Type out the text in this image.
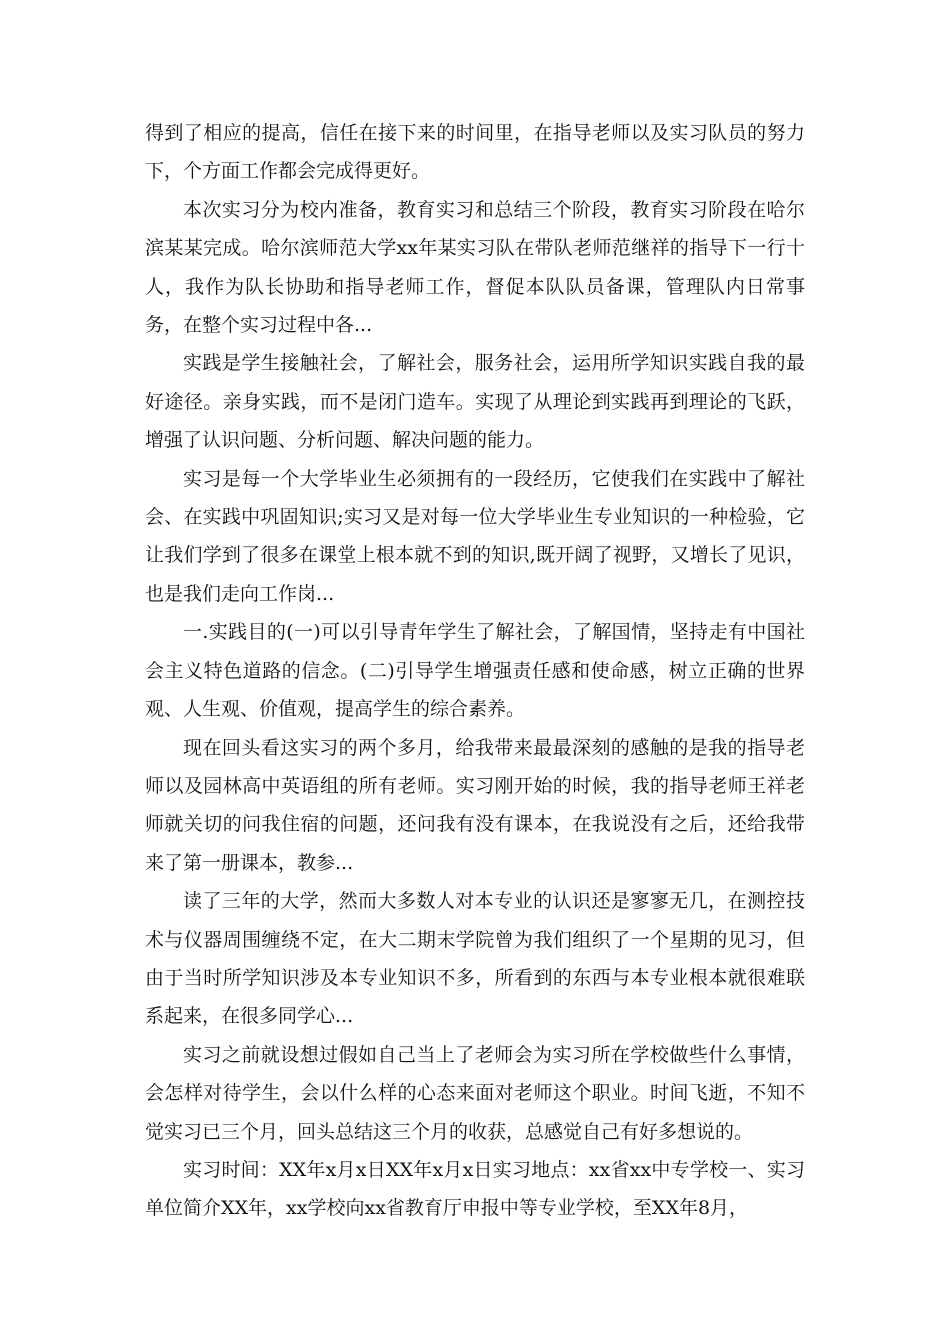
得到了相应的提高，信任在接下来的时间里，在指导老师以及实习队员的努力下，个方面工作都会完成得更好。

本次实习分为校内准备，教育实习和总结三个阶段，教育实习阶段在哈尔滨某某完成。哈尔滨师范大学xx年某实习队在带队老师范继祥的指导下一行十人，我作为队长协助和指导老师工作，督促本队队员备课，管理队内日常事务，在整个实习过程中各...

实践是学生接触社会，了解社会，服务社会，运用所学知识实践自我的最好途径。亲身实践，而不是闭门造车。实现了从理论到实践再到理论的飞跃，增强了认识问题、分析问题、解决问题的能力。

实习是每一个大学毕业生必须拥有的一段经历，它使我们在实践中了解社会、在实践中巩固知识;实习又是对每一位大学毕业生专业知识的一种检验，它让我们学到了很多在课堂上根本就不到的知识,既开阔了视野，又增长了见识，也是我们走向工作岗...

一.实践目的(一)可以引导青年学生了解社会，了解国情，坚持走有中国社会主义特色道路的信念。(二)引导学生增强责任感和使命感，树立正确的世界观、人生观、价值观，提高学生的综合素养。

现在回头看这实习的两个多月，给我带来最最深刻的感触的是我的指导老师以及园林高中英语组的所有老师。实习刚开始的时候，我的指导老师王祥老师就关切的问我住宿的问题，还问我有没有课本，在我说没有之后，还给我带来了第一册课本，教参...

读了三年的大学，然而大多数人对本专业的认识还是寥寥无几，在测控技术与仪器周围缠绕不定，在大二期末学院曾为我们组织了一个星期的见习，但由于当时所学知识涉及本专业知识不多，所看到的东西与本专业根本就很难联系起来，在很多同学心...

实习之前就设想过假如自己当上了老师会为实习所在学校做些什么事情，会怎样对待学生，会以什么样的心态来面对老师这个职业。时间飞逝，不知不觉实习已三个月，回头总结这三个月的收获，总感觉自己有好多想说的。

实习时间：XX年x月x日XX年x月x日实习地点：xx省xx中专学校一、实习单位简介XX年，xx学校向xx省教育厅申报中等专业学校，至XX年8月，
